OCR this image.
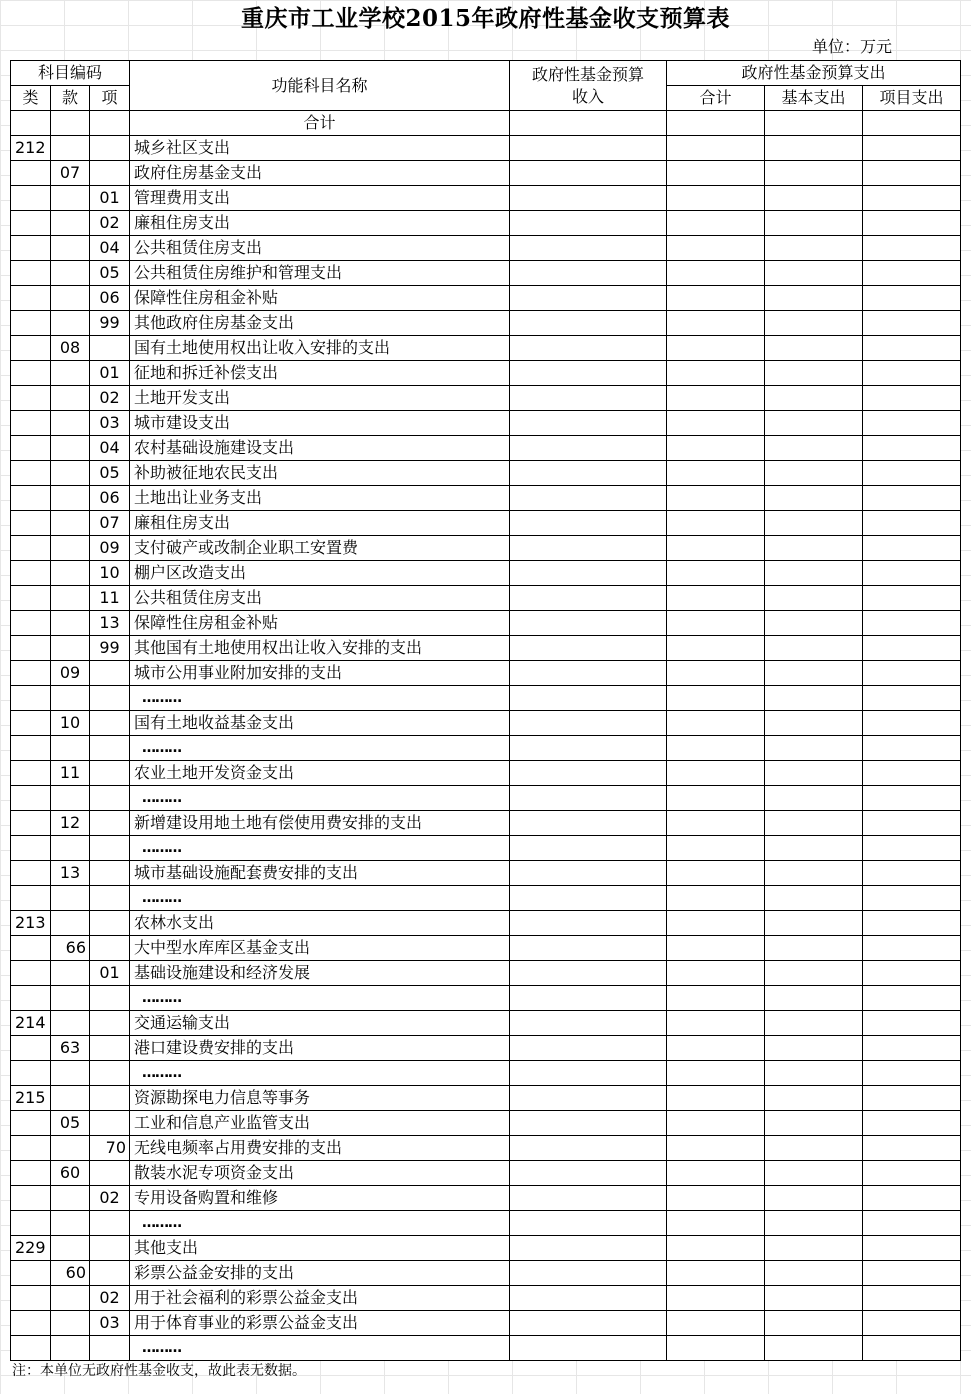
重庆市工业学校2015年政府性基金收支预算表
单位：万元
科目编码			功能科目名称	政府性基金预算
收入	政府性基金预算支出		
类	款	项			合计	基本支出	项目支出
			合计				
212			城乡社区支出				
	07		政府住房基金支出				
		01	管理费用支出				
		02	廉租住房支出				
		04	公共租赁住房支出				
		05	公共租赁住房维护和管理支出				
		06	保障性住房租金补贴				
		99	其他政府住房基金支出				
	08		国有土地使用权出让收入安排的支出				
		01	征地和拆迁补偿支出				
		02	土地开发支出				
		03	城市建设支出				
		04	农村基础设施建设支出				
		05	补助被征地农民支出				
		06	土地出让业务支出				
		07	廉租住房支出				
		09	支付破产或改制企业职工安置费				
		10	棚户区改造支出				
		11	公共租赁住房支出				
		13	保障性住房租金补贴				
		99	其他国有土地使用权出让收入安排的支出				
	09		城市公用事业附加安排的支出				
			………				
	10		国有土地收益基金支出				
			………				
	11		农业土地开发资金支出				
			………				
	12		新增建设用地土地有偿使用费安排的支出				
			………				
	13		城市基础设施配套费安排的支出				
			………				
213			农林水支出				
	66		大中型水库库区基金支出				
		01	基础设施建设和经济发展				
			………				
214			交通运输支出				
	63		港口建设费安排的支出				
			………				
215			资源勘探电力信息等事务				
	05		工业和信息产业监管支出				
		70	无线电频率占用费安排的支出				
	60		散装水泥专项资金支出				
		02	专用设备购置和维修				
			………				
229			其他支出				
	60		彩票公益金安排的支出				
		02	用于社会福利的彩票公益金支出				
		03	用于体育事业的彩票公益金支出				
			………				
注：本单位无政府性基金收支，故此表无数据。
